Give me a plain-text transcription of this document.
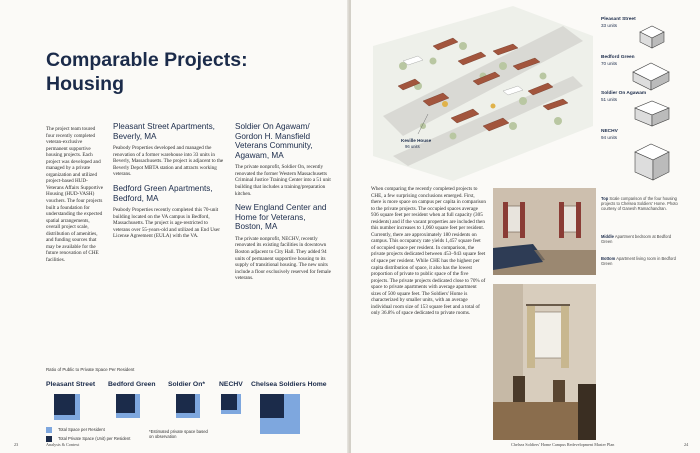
Comparable Projects:
Housing
The project team toured four recently completed veteran-exclusive permanent supportive housing projects. Each project was developed and managed by a private organization and utilized project-based HUD-Veterans Affairs Supportive Housing (HUD-VASH) vouchers. The four projects built a foundation for understanding the expected spatial arrangements, overall project scale, distribution of amenities, and funding sources that may be available for the future renovation of CHE facilities.
Pleasant Street Apartments, Beverly, MA
Peabody Properties developed and managed the renovation of a former warehouse into 33 units in Beverly, Massachusetts. The project is adjacent to the Beverly Depot MBTA station and attracts working veterans.
Bedford Green Apartments, Bedford, MA
Peabody Properties recently completed this 70-unit building located on the VA campus in Bedford, Massachusetts. The project is age-restricted to veterans over 55-years-old and utilized an End User License Agreement (EULA) with the VA.
Soldier On Agawam/ Gordon H. Mansfield Veterans Community, Agawam, MA
The private nonprofit, Soldier On, recently renovated the former Western Massachusetts Criminal Justice Training Center into a 51 unit building that includes a training/preparation kitchen.
New England Center and Home for Veterans, Boston, MA
The private nonprofit, NECHV, recently renovated its existing facilities in downtown Boston adjacent to City Hall. They added 94 units of permanent supportive housing to its supply of transitional housing. The new units include a floor exclusively reserved for female veterans.
Ratio of Public to Private Space Per Resident
Pleasant Street Bedford Green Soldier On* NECHV Chelsea Soldiers Home
Total Space per Resident
Total Private Space (Unit) per Resident
*Estimated private space based on observation
23	Analysis & Context
Keville House
96 units
Pleasant Street
33 units
Bedford Green
70 units
Soldier On Agawam
51 units
NECHV
94 units
When comparing the recently completed projects to CHE, a few surprising conclusions emerged. First, there is more space on campus per capita in comparison to the private projects. The occupied spaces average 936 square feet per resident when at full capacity (305 residents) and if the vacant properties are included then this number increases to 1,060 square feet per resident. Currently, there are approximately 180 residents on campus. This occupancy rate yields 1,457 square feet of occupied space per resident. In comparison, the private projects dedicated between 453–943 square feet of space per resident. While CHE has the highest per capita distribution of space, it also has the lowest proportion of private to public space of the five projects. The private projects dedicated close to 70% of space to private apartments with average apartment sizes of 500 square feet. The Soldiers' Home is characterized by smaller units, with an average individual room size of 153 square feet and a total of only 36.8% of space dedicated to private rooms.
Top Scale comparison of the four housing projects to Chelsea Soldiers' Home. Photo courtesy of Ganesh Ramachandran.
Middle Apartment bedroom at Bedford Green
Bottom Apartment living room in Bedford Green
Chelsea Soldiers' Home Campus Redevelopment Master Plan	24
